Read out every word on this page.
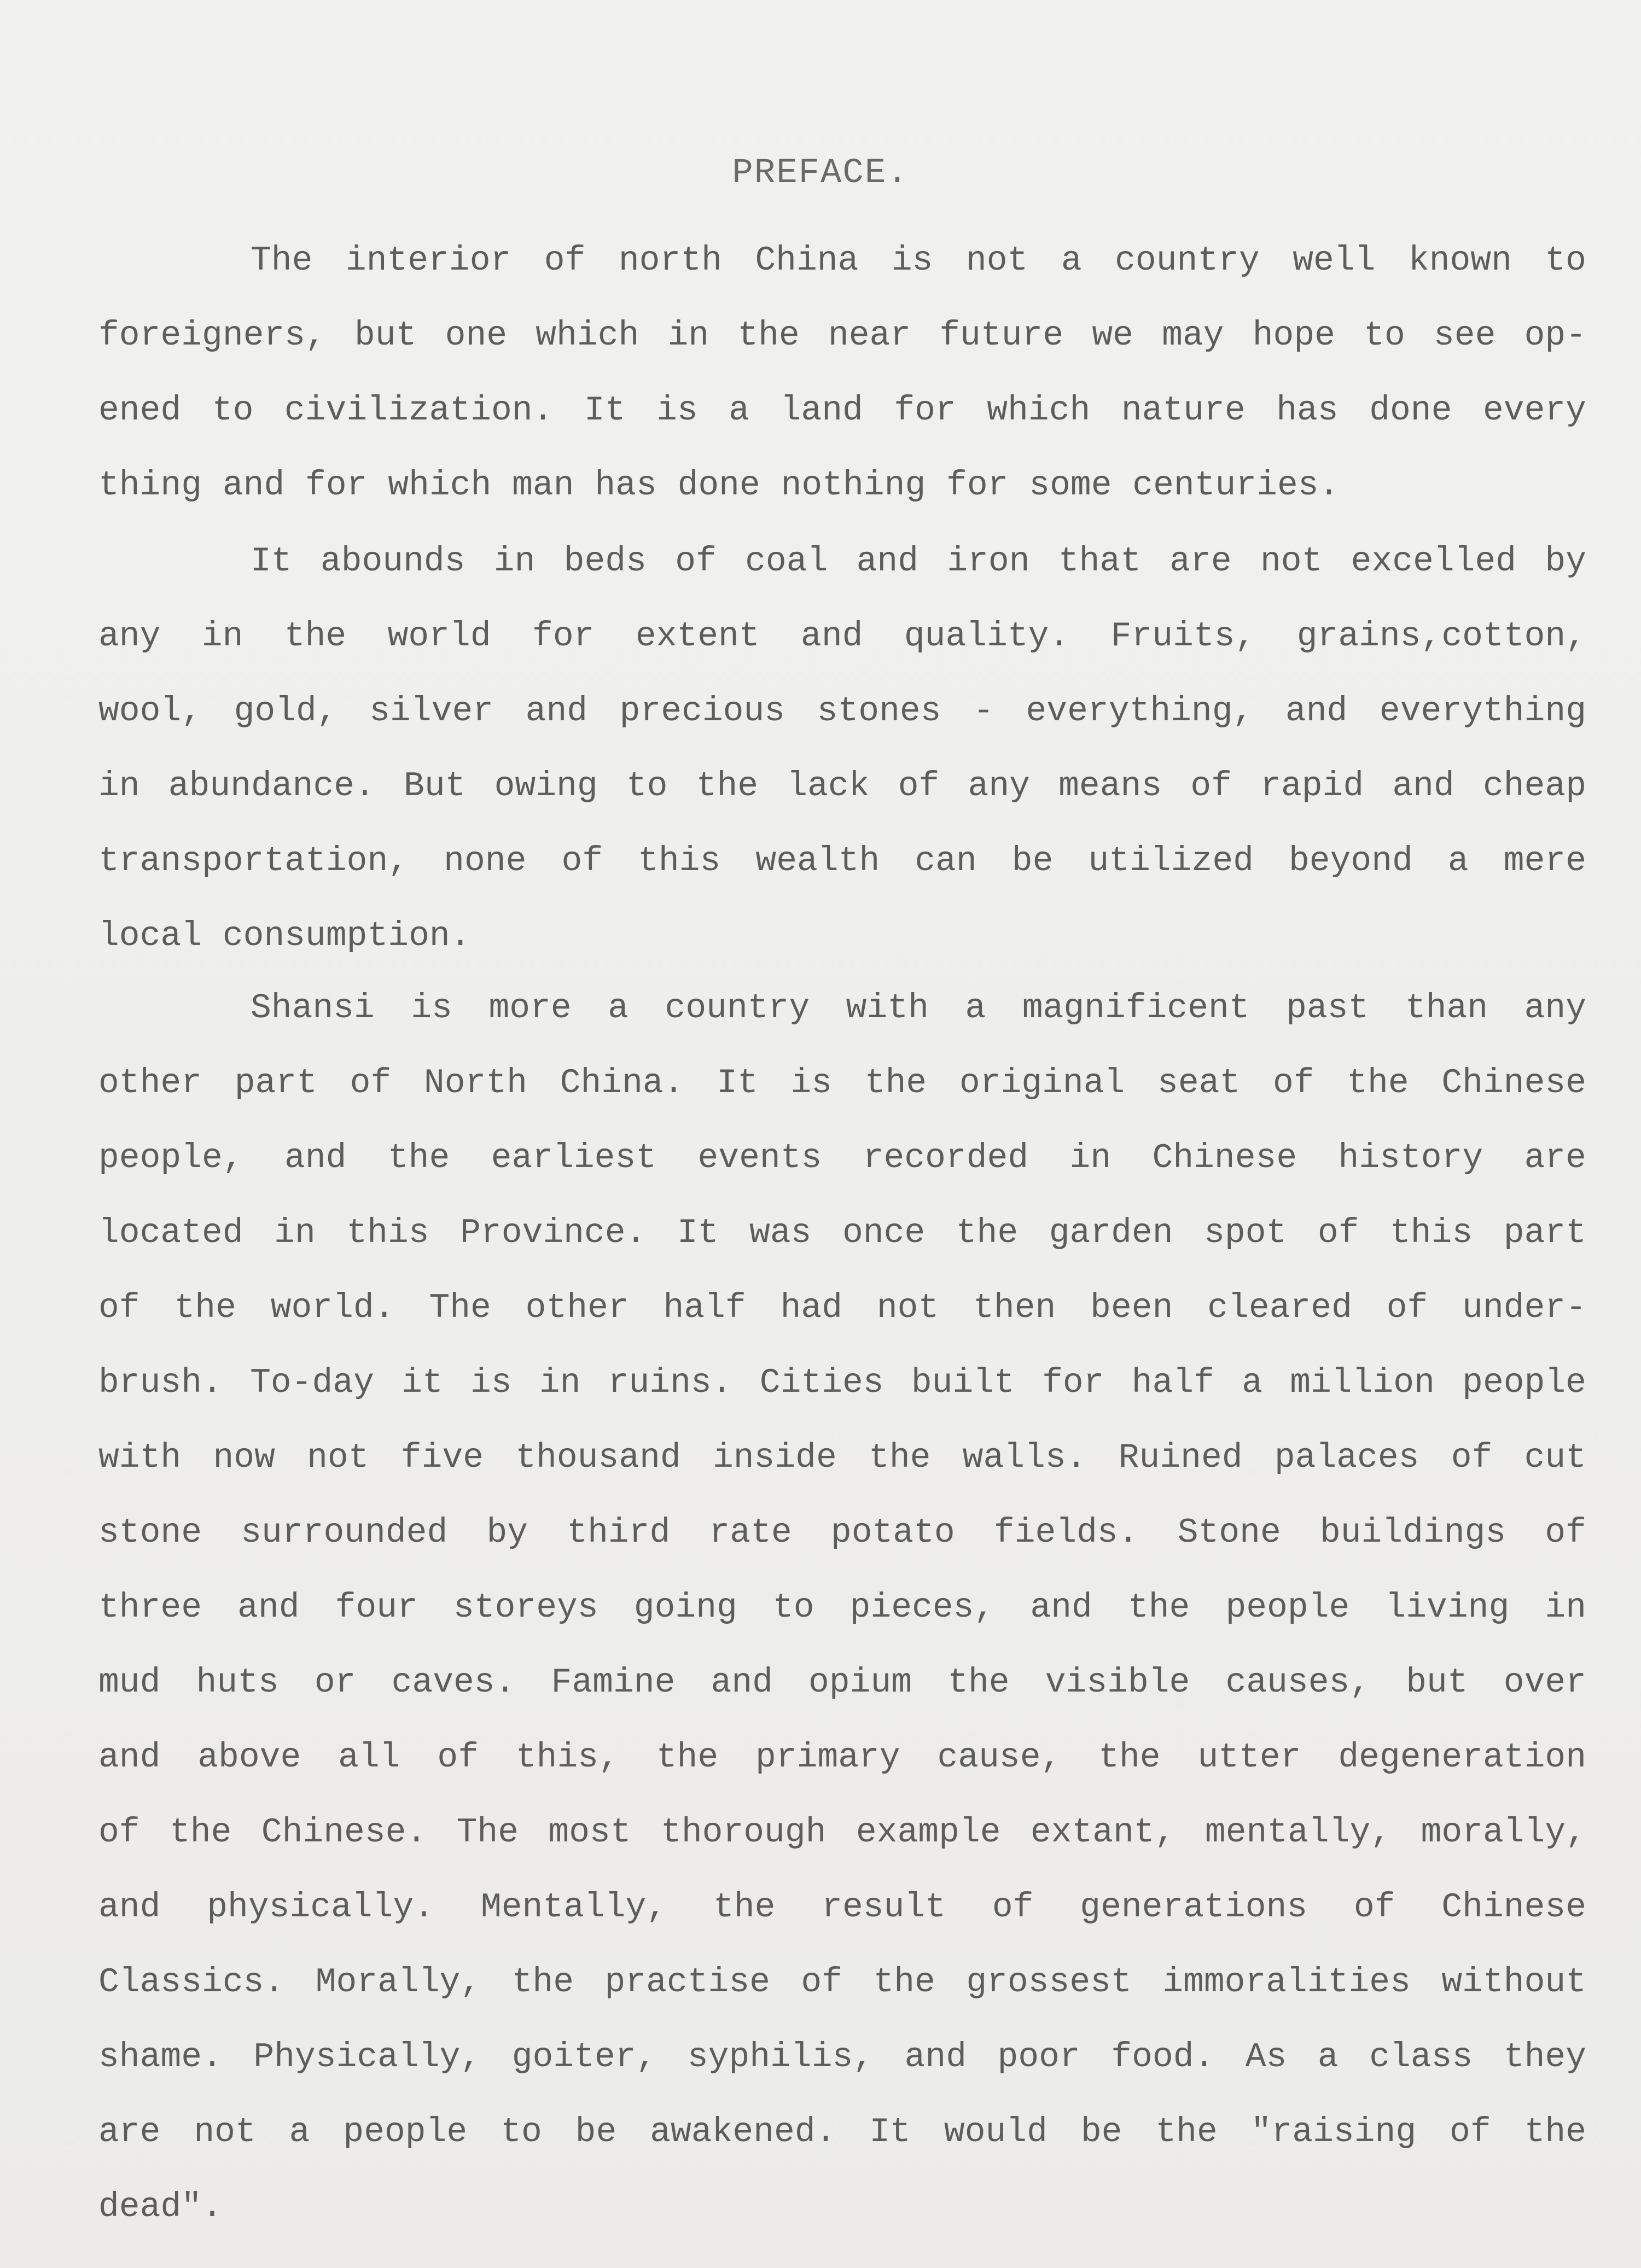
PREFACE.
The interior of north China is not a country well known to
foreigners, but one which in the near future we may hope to see op-
ened to civilization. It is a land for which nature has done every
thing and for which man has done nothing for some centuries.
It abounds in beds of coal and iron that are not excelled by
any in the world for extent and quality. Fruits, grains,cotton,
wool, gold, silver and precious stones - everything, and everything
in abundance. But owing to the lack of any means of rapid and cheap
transportation, none of this wealth can be utilized beyond a mere
local consumption.
Shansi is more a country with a magnificent past than any
other part of North China. It is the original seat of the Chinese
people, and the earliest events recorded in Chinese history are
located in this Province. It was once the garden spot of this part
of the world. The other half had not then been cleared of under-
brush. To-day it is in ruins. Cities built for half a million people
with now not five thousand inside the walls. Ruined palaces of cut
stone surrounded by third rate potato fields. Stone buildings of
three and four storeys going to pieces, and the people living in
mud huts or caves. Famine and opium the visible causes, but over
and above all of this, the primary cause, the utter degeneration
of the Chinese. The most thorough example extant, mentally, morally,
and physically. Mentally, the result of generations of Chinese
Classics. Morally, the practise of the grossest immoralities without
shame. Physically, goiter, syphilis, and poor food. As a class they
are not a people to be awakened. It would be the "raising of the
dead".
